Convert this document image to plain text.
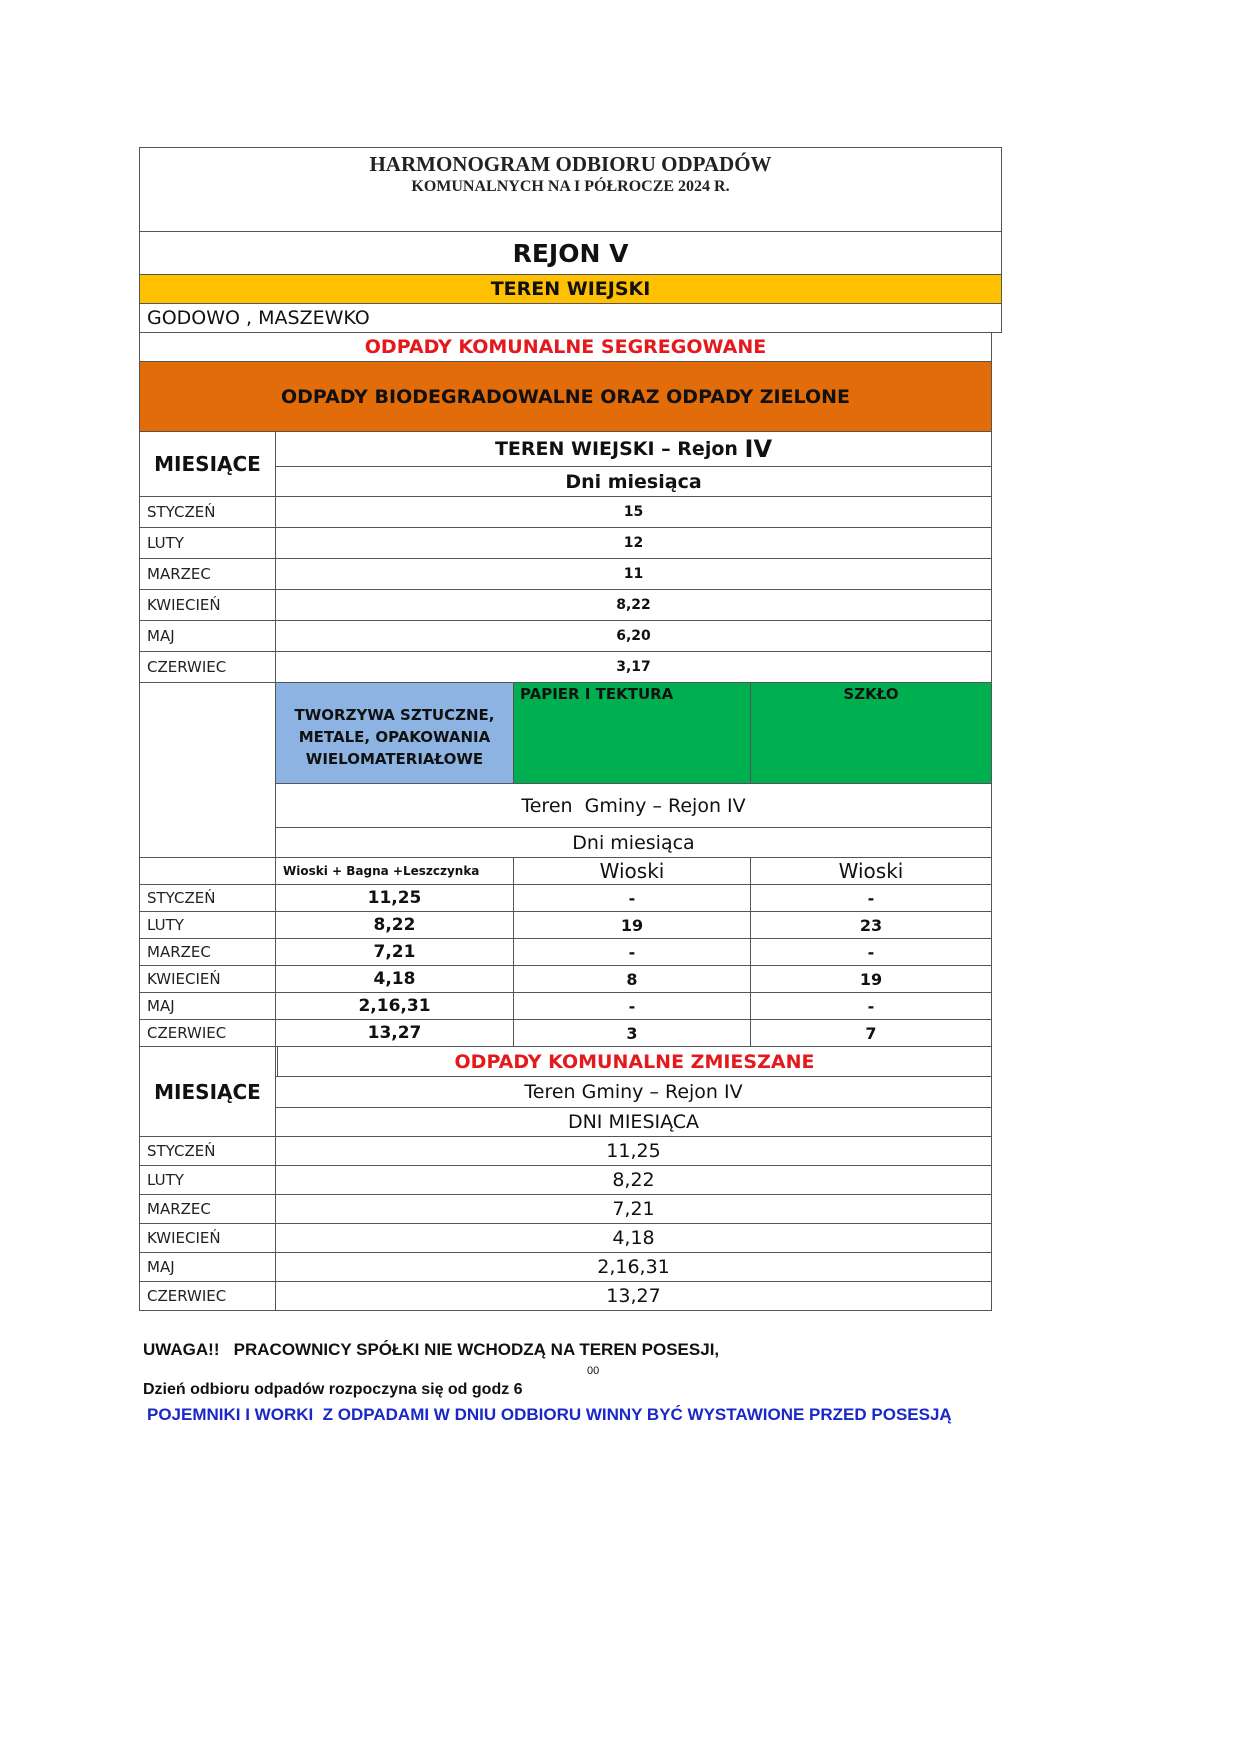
HARMONOGRAM ODBIORU ODPADÓW
KOMUNALNYCH NA I PÓŁROCZE 2024 R.
REJON V
TEREN WIEJSKI
GODOWO , MASZEWKO
ODPADY KOMUNALNE SEGREGOWANE
ODPADY BIODEGRADOWALNE ORAZ ODPADY ZIELONE
MIESIĄCE
TEREN WIEJSKI – Rejon IV
Dni miesiąca
STYCZEŃ	15
LUTY	12
MARZEC	11
KWIECIEŃ	8,22
MAJ	6,20
CZERWIEC	3,17
TWORZYWA SZTUCZNE, METALE, OPAKOWANIA WIELOMATERIAŁOWE
PAPIER I TEKTURA	SZKŁO
Teren  Gminy – Rejon IV
Dni miesiąca
Wioski + Bagna +Leszczynka	Wioski	Wioski
STYCZEŃ	11,25	-	-
LUTY	8,22	19	23
MARZEC	7,21	-	-
KWIECIEŃ	4,18	8	19
MAJ	2,16,31	-	-
CZERWIEC	13,27	3	7
MIESIĄCE
ODPADY KOMUNALNE ZMIESZANE
Teren Gminy – Rejon IV
DNI MIESIĄCA
STYCZEŃ	11,25
LUTY	8,22
MARZEC	7,21
KWIECIEŃ	4,18
MAJ	2,16,31
CZERWIEC	13,27
UWAGA!!   PRACOWNICY SPÓŁKI NIE WCHODZĄ NA TEREN POSESJI,
00
Dzień odbioru odpadów rozpoczyna się od godz 6
POJEMNIKI I WORKI  Z ODPADAMI W DNIU ODBIORU WINNY BYĆ WYSTAWIONE PRZED POSESJĄ
